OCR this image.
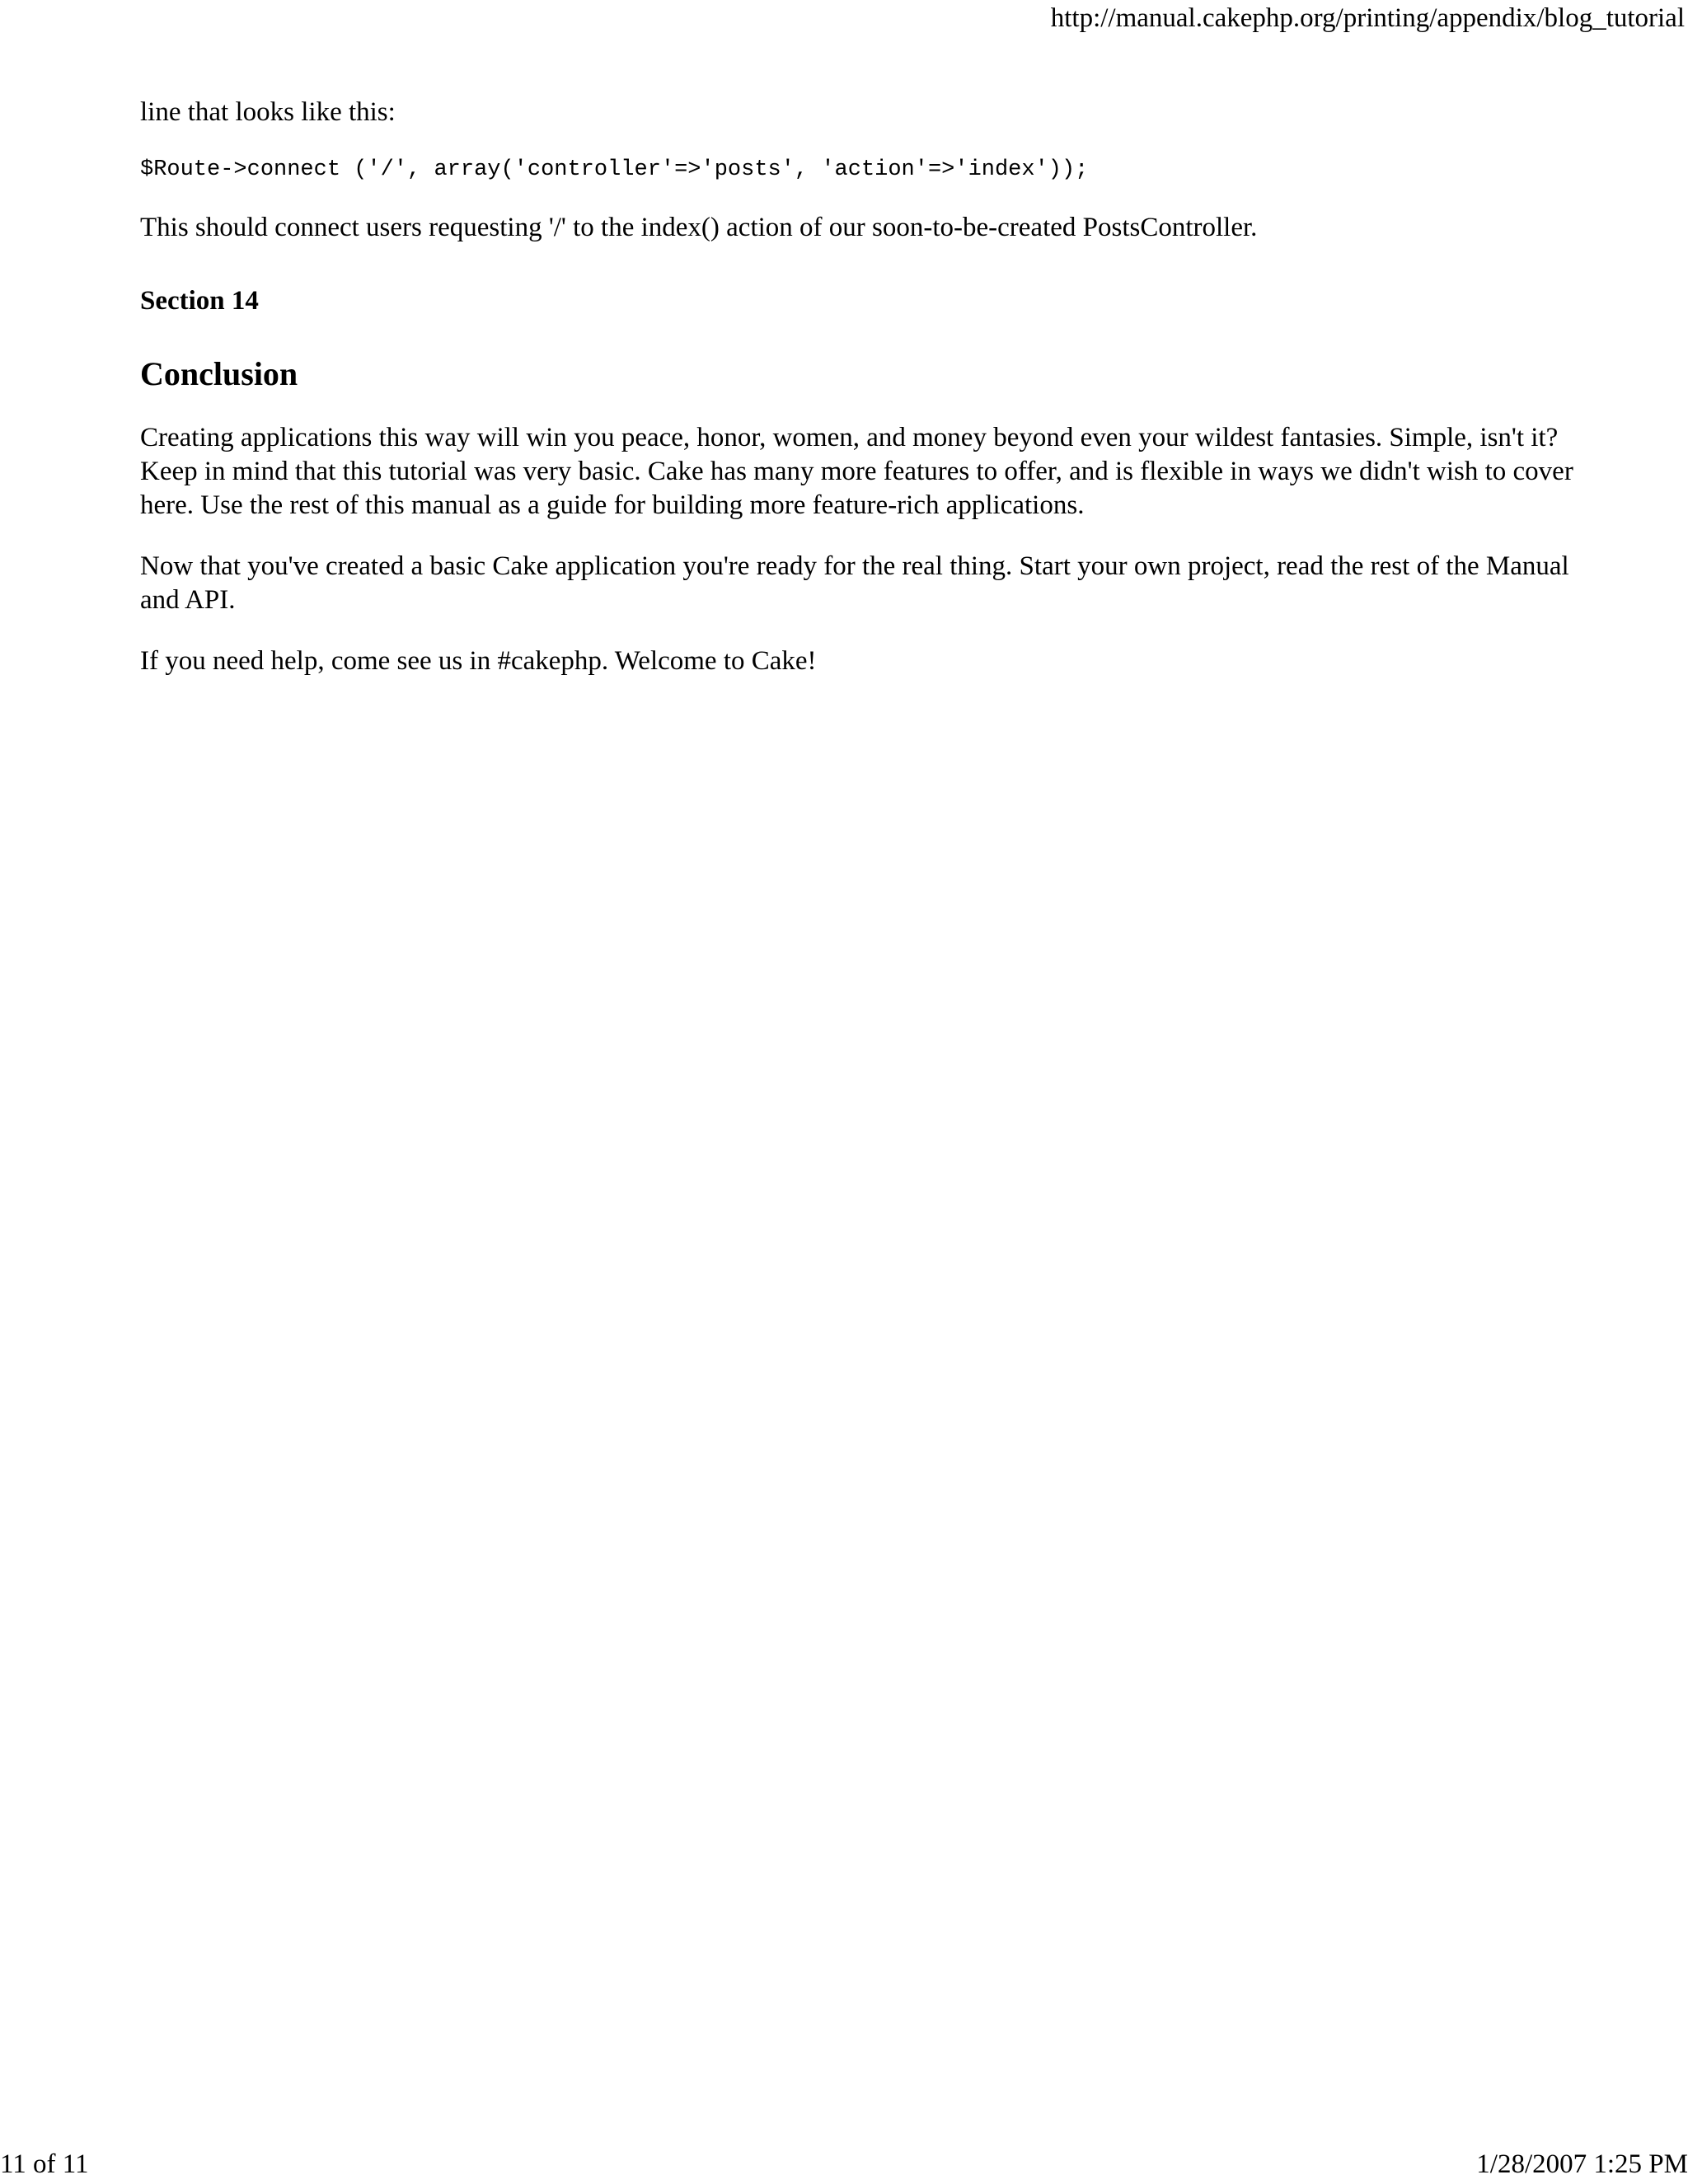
http://manual.cakephp.org/printing/appendix/blog_tutorial

line that looks like this:

$Route->connect ('/', array('controller'=>'posts', 'action'=>'index'));

This should connect users requesting '/' to the index() action of our soon-to-be-created PostsController.

Section 14

Conclusion

Creating applications this way will win you peace, honor, women, and money beyond even your wildest fantasies. Simple, isn't it? Keep in mind that this tutorial was very basic. Cake has many more features to offer, and is flexible in ways we didn't wish to cover here. Use the rest of this manual as a guide for building more feature-rich applications.

Now that you've created a basic Cake application you're ready for the real thing. Start your own project, read the rest of the Manual and API.

If you need help, come see us in #cakephp. Welcome to Cake!

11 of 11	1/28/2007 1:25 PM
